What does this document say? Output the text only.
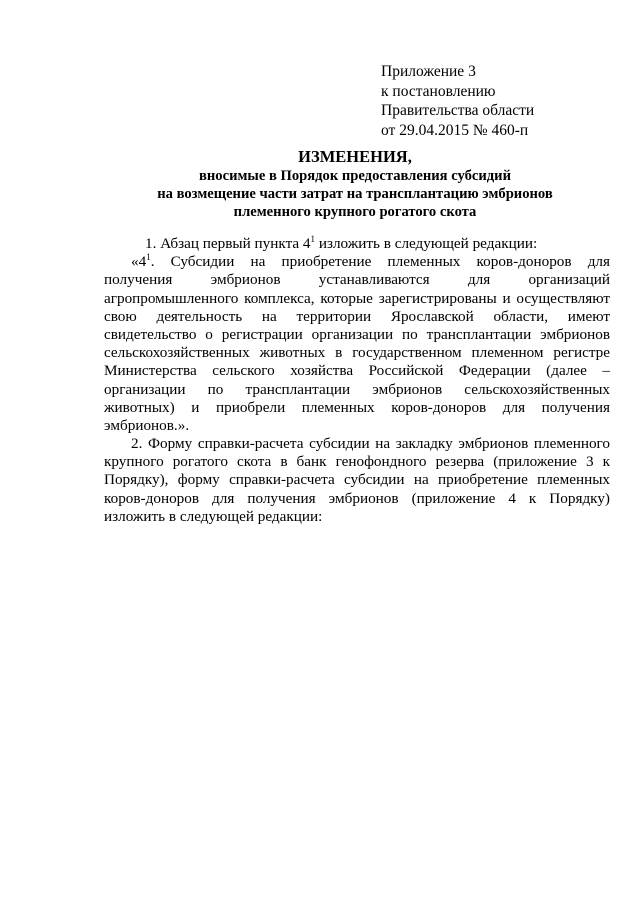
Приложение 3
к постановлению
Правительства области
от 29.04.2015 № 460-п
ИЗМЕНЕНИЯ,
вносимые в Порядок предоставления субсидий
на возмещение части затрат на трансплантацию эмбрионов
племенного крупного рогатого скота
1. Абзац первый пункта $4^1$ изложить в следующей редакции:
«$4^1$. Субсидии на приобретение племенных коров-доноров для
получения эмбрионов устанавливаются для организаций
агропромышленного комплекса, которые зарегистрированы и осуществляют
свою деятельность на территории Ярославской области, имеют
свидетельство о регистрации организации по трансплантации эмбрионов
сельскохозяйственных животных в государственном племенном регистре
Министерства сельского хозяйства Российской Федерации (далее –
организации по трансплантации эмбрионов сельскохозяйственных
животных) и приобрели племенных коров-доноров для получения
эмбрионов.».
2. Форму справки-расчета субсидии на закладку эмбрионов племенного
крупного рогатого скота в банк генофондного резерва (приложение 3 к
Порядку), форму справки-расчета субсидии на приобретение племенных
коров-доноров для получения эмбрионов (приложение 4 к Порядку)
изложить в следующей редакции:
